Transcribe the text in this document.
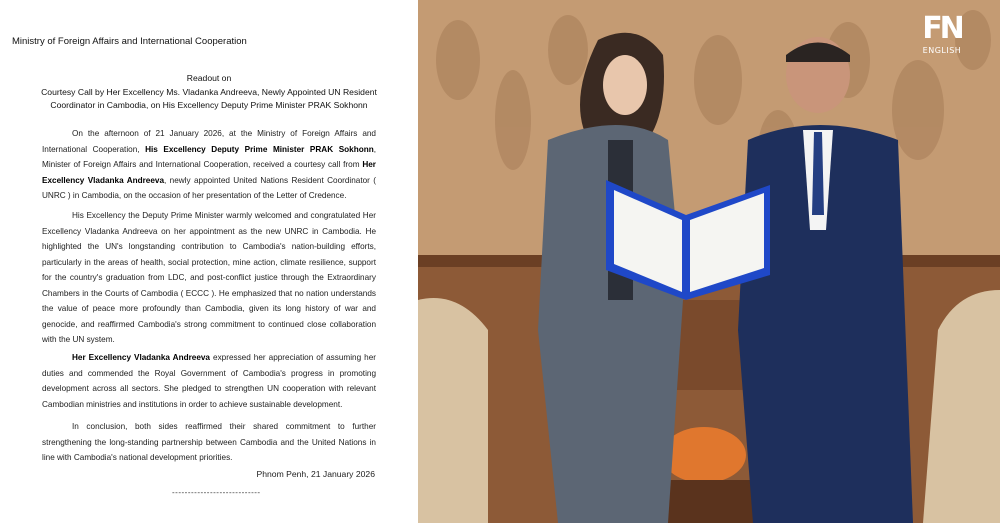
Ministry of Foreign Affairs and International Cooperation
Readout on
Courtesy Call by Her Excellency Ms. Vladanka Andreeva, Newly Appointed UN Resident
Coordinator in Cambodia, on His Excellency Deputy Prime Minister PRAK Sokhonn
On the afternoon of 21 January 2026, at the Ministry of Foreign Affairs and International Cooperation, His Excellency Deputy Prime Minister PRAK Sokhonn, Minister of Foreign Affairs and International Cooperation, received a courtesy call from Her Excellency Vladanka Andreeva, newly appointed United Nations Resident Coordinator ( UNRC ) in Cambodia, on the occasion of her presentation of the Letter of Credence.
His Excellency the Deputy Prime Minister warmly welcomed and congratulated Her Excellency Vladanka Andreeva on her appointment as the new UNRC in Cambodia. He highlighted the UN's longstanding contribution to Cambodia's nation-building efforts, particularly in the areas of health, social protection, mine action, climate resilience, support for the country's graduation from LDC, and post-conflict justice through the Extraordinary Chambers in the Courts of Cambodia ( ECCC ). He emphasized that no nation understands the value of peace more profoundly than Cambodia, given its long history of war and genocide, and reaffirmed Cambodia's strong commitment to continued close collaboration with the UN system.
Her Excellency Vladanka Andreeva expressed her appreciation of assuming her duties and commended the Royal Government of Cambodia's progress in promoting development across all sectors. She pledged to strengthen UN cooperation with relevant Cambodian ministries and institutions in order to achieve sustainable development.
In conclusion, both sides reaffirmed their shared commitment to further strengthening the long-standing partnership between Cambodia and the United Nations in line with Cambodia's national development priorities.
Phnom Penh, 21 January 2026
----------------------------
FN
ENGLISH
